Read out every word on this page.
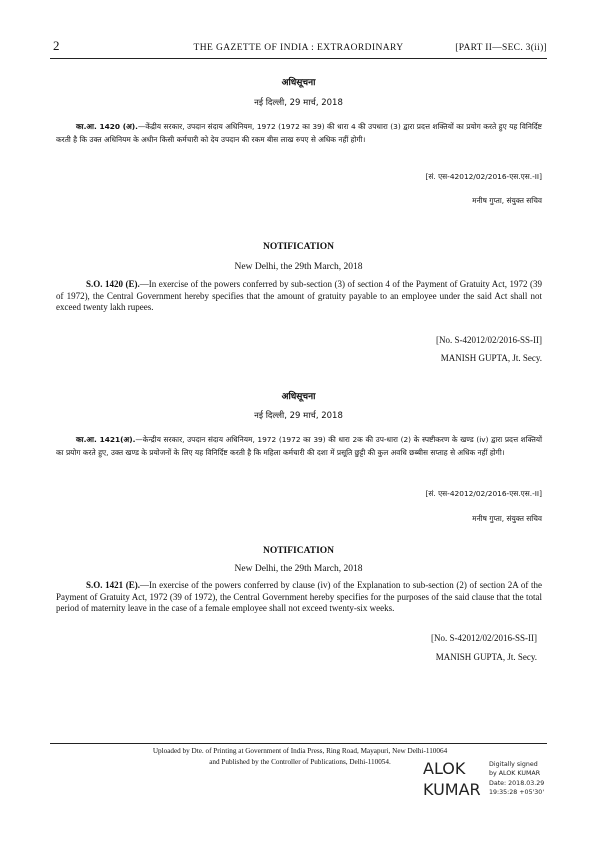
2	THE GAZETTE OF INDIA : EXTRAORDINARY	[PART II—SEC. 3(ii)]
अधिसूचना
नई दिल्ली, 29 मार्च, 2018
का.आ. 1420 (अ).—केंद्रीय सरकार, उपदान संदाय अधिनियम, 1972 (1972 का 39) की धारा 4 की उपधारा (3) द्वारा प्रदत्त शक्तियों का प्रयोग करते हुए यह विनिर्दिष्ट करती है कि उक्त अधिनियम के अधीन किसी कर्मचारी को देय उपदान की रकम बीस लाख रुपए से अधिक नहीं होगी।
[सं. एस-42012/02/2016-एस.एस.-II]
मनीष गुप्ता, संयुक्त सचिव
NOTIFICATION
New Delhi, the 29th March, 2018
S.O. 1420 (E).—In exercise of the powers conferred by sub-section (3) of section 4 of the Payment of Gratuity Act, 1972 (39 of 1972), the Central Government hereby specifies that the amount of gratuity payable to an employee under the said Act shall not exceed twenty lakh rupees.
[No. S-42012/02/2016-SS-II]
MANISH GUPTA, Jt. Secy.
अधिसूचना
नई दिल्ली, 29 मार्च, 2018
का.आ. 1421(अ).—केन्द्रीय सरकार, उपदान संदाय अधिनियम, 1972 (1972 का 39) की धारा 2क की उप-धारा (2) के स्पष्टीकरण के खण्ड (iv) द्वारा प्रदत्त शक्तियों का प्रयोग करते हुए, उक्त खण्ड के प्रयोजनों के लिए यह विनिर्दिष्ट करती है कि महिला कर्मचारी की दशा में प्रसूति छुट्टी की कुल अवधि छब्बीस सप्ताह से अधिक नहीं होगी।
[सं. एस-42012/02/2016-एस.एस.-II]
मनीष गुप्ता, संयुक्त सचिव
NOTIFICATION
New Delhi, the 29th March, 2018
S.O. 1421 (E).—In exercise of the powers conferred by clause (iv) of the Explanation to sub-section (2) of section 2A of the Payment of Gratuity Act, 1972 (39 of 1972), the Central Government hereby specifies for the purposes of the said clause that the total period of maternity leave in the case of a female employee shall not exceed twenty-six weeks.
[No. S-42012/02/2016-SS-II]
MANISH GUPTA, Jt. Secy.
Uploaded by Dte. of Printing at Government of India Press, Ring Road, Mayapuri, New Delhi-110064
and Published by the Controller of Publications, Delhi-110054.	ALOK
KUMAR
Digitally signed
by ALOK KUMAR
Date: 2018.03.29
19:35:28 +05'30'
